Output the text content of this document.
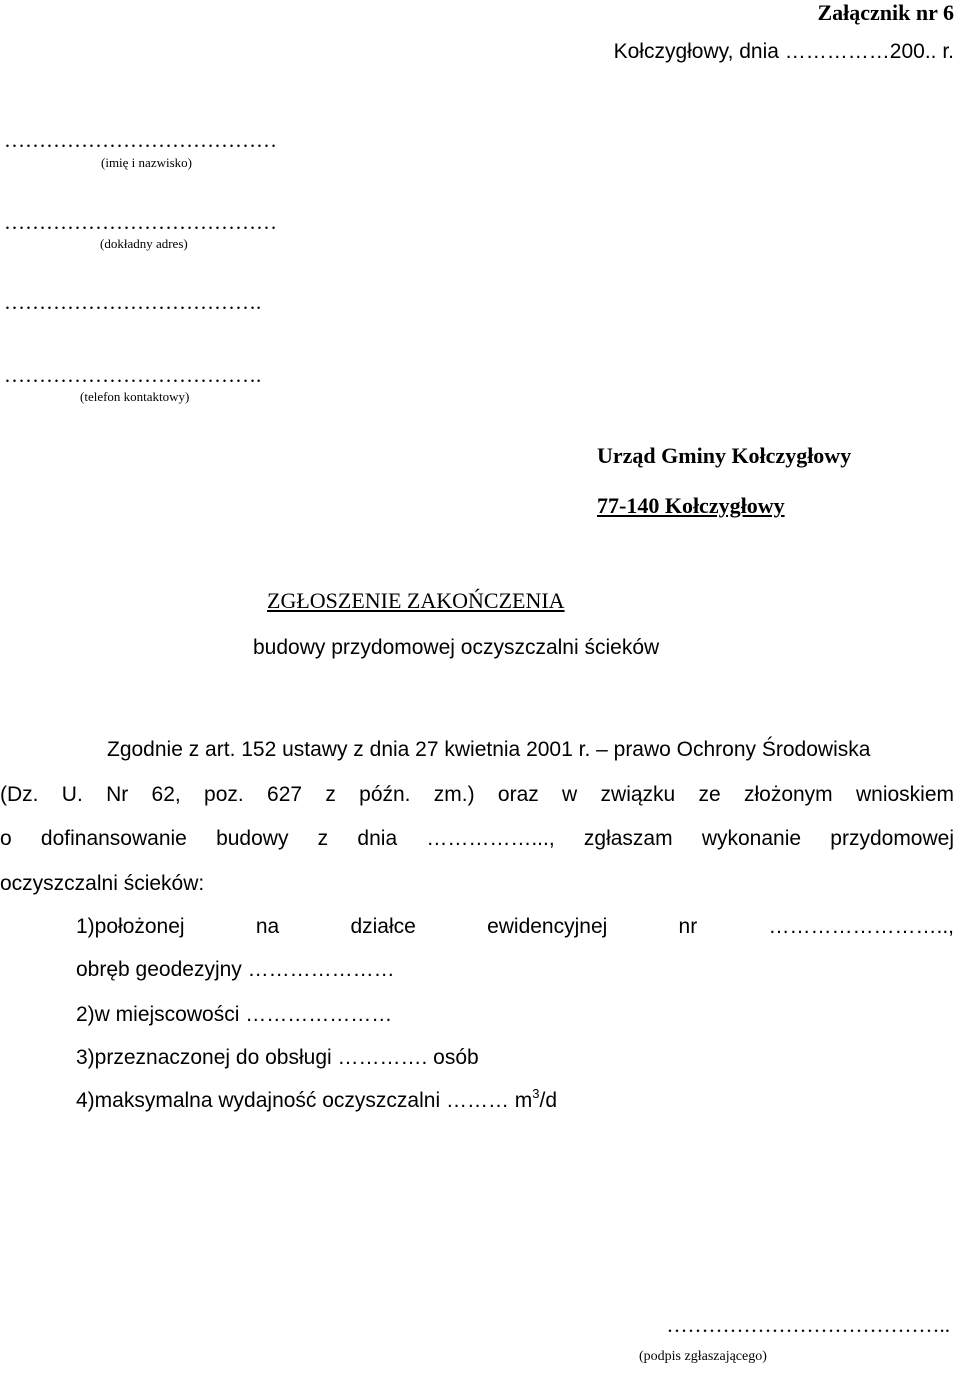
Załącznik nr 6
Kołczygłowy, dnia ……………200.. r.
…………………………………
(imię i nazwisko)
…………………………………
(dokładny adres)
……………………………….
……………………………….
(telefon kontaktowy)
Urząd Gminy Kołczygłowy
77-140 Kołczygłowy
ZGŁOSZENIE ZAKOŃCZENIA
budowy przydomowej oczyszczalni ścieków
Zgodnie z art. 152 ustawy z dnia 27 kwietnia 2001 r. – prawo Ochrony Środowiska
(Dz. U. Nr 62, poz. 627 z późn. zm.) oraz w związku ze złożonym wnioskiem
o dofinansowanie budowy z dnia ……………..., zgłaszam wykonanie przydomowej
oczyszczalni ścieków:
1)położonej na działce ewidencyjnej nr ……………………..,
obręb geodezyjny …………………
2)w miejscowości …………………
3)przeznaczonej do obsługi …………. osób
4)maksymalna wydajność oczyszczalni ……… $m^3/d$
…………………………………..
(podpis zgłaszającego)
